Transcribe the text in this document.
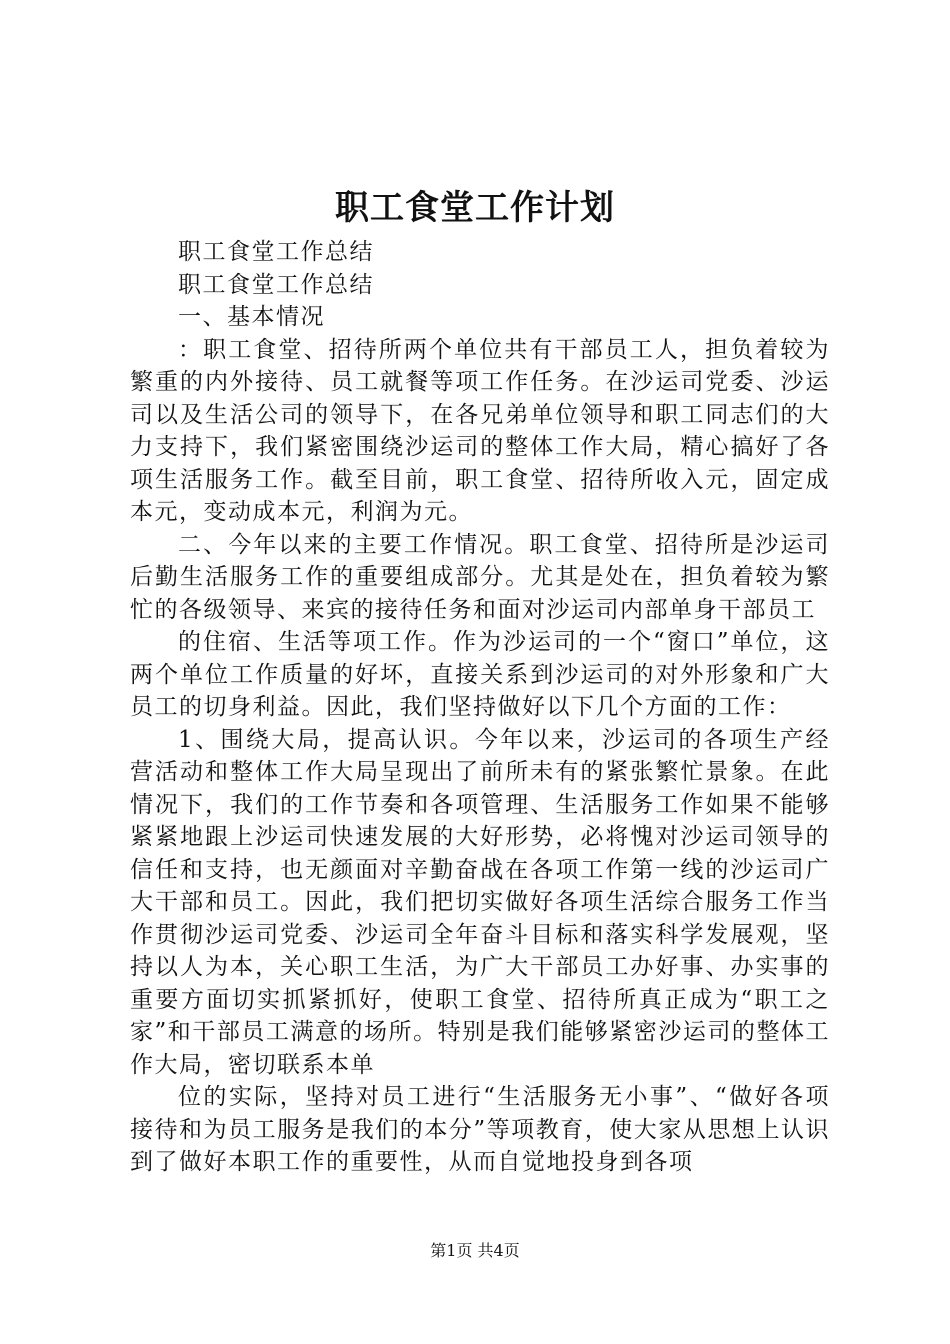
职工食堂工作计划

职工食堂工作总结

职工食堂工作总结

一、基本情况

：职工食堂、招待所两个单位共有干部员工人，担负着较为繁重的内外接待、员工就餐等项工作任务。在沙运司党委、沙运司以及生活公司的领导下，在各兄弟单位领导和职工同志们的大力支持下，我们紧密围绕沙运司的整体工作大局，精心搞好了各项生活服务工作。截至目前，职工食堂、招待所收入元，固定成本元，变动成本元，利润为元。

二、今年以来的主要工作情况。职工食堂、招待所是沙运司后勤生活服务工作的重要组成部分。尤其是处在，担负着较为繁忙的各级领导、来宾的接待任务和面对沙运司内部单身干部员工

的住宿、生活等项工作。作为沙运司的一个“窗口”单位，这两个单位工作质量的好坏，直接关系到沙运司的对外形象和广大员工的切身利益。因此，我们坚持做好以下几个方面的工作：

1、围绕大局，提高认识。今年以来，沙运司的各项生产经营活动和整体工作大局呈现出了前所未有的紧张繁忙景象。在此情况下，我们的工作节奏和各项管理、生活服务工作如果不能够紧紧地跟上沙运司快速发展的大好形势，必将愧对沙运司领导的信任和支持，也无颜面对辛勤奋战在各项工作第一线的沙运司广大干部和员工。因此，我们把切实做好各项生活综合服务工作当作贯彻沙运司党委、沙运司全年奋斗目标和落实科学发展观，坚持以人为本，关心职工生活，为广大干部员工办好事、办实事的重要方面切实抓紧抓好，使职工食堂、招待所真正成为“职工之家”和干部员工满意的场所。特别是我们能够紧密沙运司的整体工作大局，密切联系本单

位的实际，坚持对员工进行“生活服务无小事”、“做好各项接待和为员工服务是我们的本分”等项教育，使大家从思想上认识到了做好本职工作的重要性，从而自觉地投身到各项

第1页 共4页
